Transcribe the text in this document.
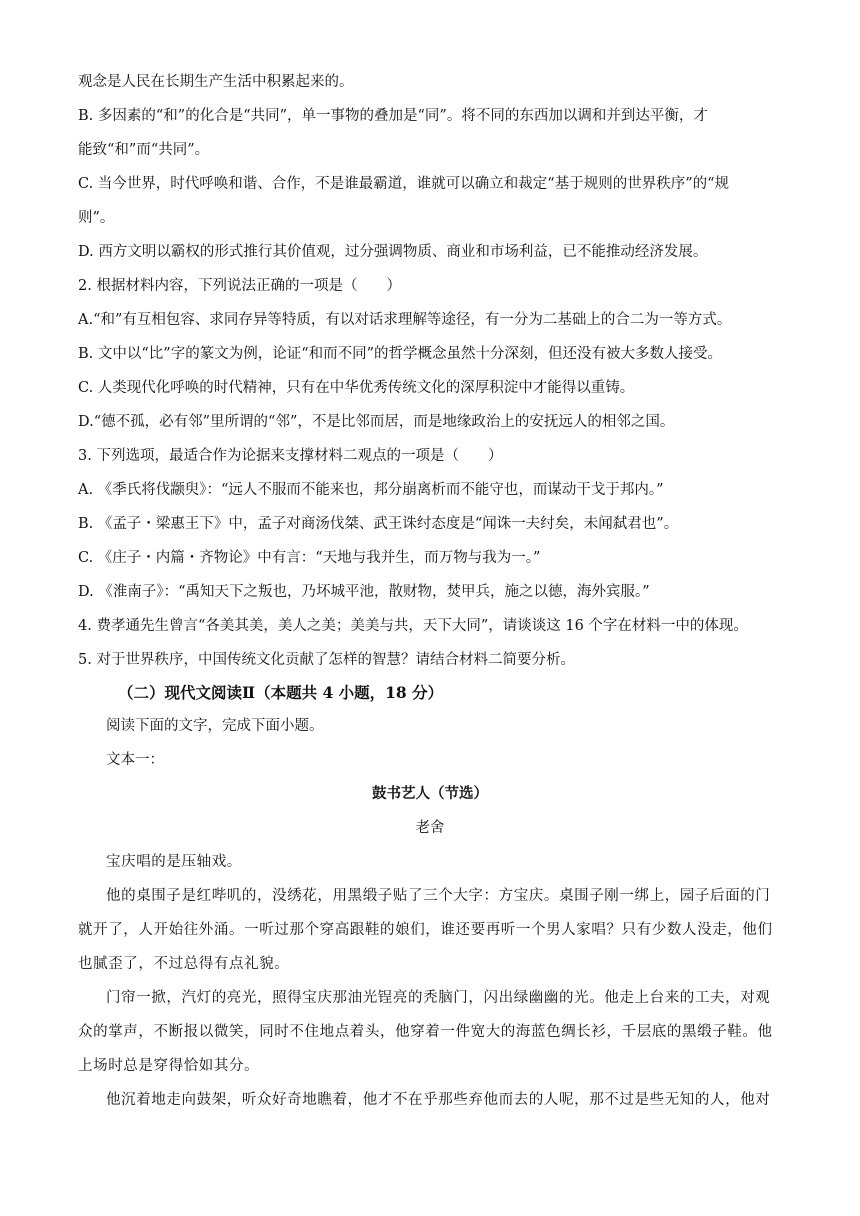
观念是人民在长期生产生活中积累起来的。
B. 多因素的“和”的化合是“共同”，单一事物的叠加是“同”。将不同的东西加以调和并到达平衡，才
能致“和”而“共同”。
C. 当今世界，时代呼唤和谐、合作，不是谁最霸道，谁就可以确立和裁定“基于规则的世界秩序”的“规
则”。
D. 西方文明以霸权的形式推行其价值观，过分强调物质、商业和市场利益，已不能推动经济发展。
2. 根据材料内容，下列说法正确的一项是（　　）
A.“和”有互相包容、求同存异等特质，有以对话求理解等途径，有一分为二基础上的合二为一等方式。
B. 文中以“比”字的篆文为例，论证“和而不同”的哲学概念虽然十分深刻，但还没有被大多数人接受。
C. 人类现代化呼唤的时代精神，只有在中华优秀传统文化的深厚积淀中才能得以重铸。
D.“德不孤，必有邻”里所谓的“邻”，不是比邻而居，而是地缘政治上的安抚远人的相邻之国。
3. 下列选项，最适合作为论据来支撑材料二观点的一项是（　　）
A. 《季氏将伐颛臾》：“远人不服而不能来也，邦分崩离析而不能守也，而谋动干戈于邦内。”
B. 《孟子・梁惠王下》中，孟子对商汤伐桀、武王诛纣态度是“闻诛一夫纣矣，未闻弑君也”。
C. 《庄子・内篇・齐物论》中有言：“天地与我并生，而万物与我为一。”
D. 《淮南子》：“禹知天下之叛也，乃坏城平池，散财物，焚甲兵，施之以德，海外宾服。”
4. 费孝通先生曾言“各美其美，美人之美；美美与共，天下大同”，请谈谈这 16 个字在材料一中的体现。
5. 对于世界秩序，中国传统文化贡献了怎样的智慧？请结合材料二简要分析。
（二）现代文阅读Ⅱ（本题共 4 小题，18 分）
阅读下面的文字，完成下面小题。
文本一：
鼓书艺人（节选）
老舍
宝庆唱的是压轴戏。
他的桌围子是红哔叽的，没绣花，用黑缎子贴了三个大字：方宝庆。桌围子刚一绑上，园子后面的门
就开了，人开始往外涌。一听过那个穿高跟鞋的娘们，谁还要再听一个男人家唱？只有少数人没走，他们
也腻歪了，不过总得有点礼貌。
门帘一掀，汽灯的亮光，照得宝庆那油光锃亮的秃脑门，闪出绿幽幽的光。他走上台来的工夫，对观
众的掌声，不断报以微笑，同时不住地点着头，他穿着一件宽大的海蓝色绸长衫，千层底的黑缎子鞋。他
上场时总是穿得恰如其分。
他沉着地走向鼓架，听众好奇地瞧着，他才不在乎那些弃他而去的人呢，那不过是些无知的人，他对
